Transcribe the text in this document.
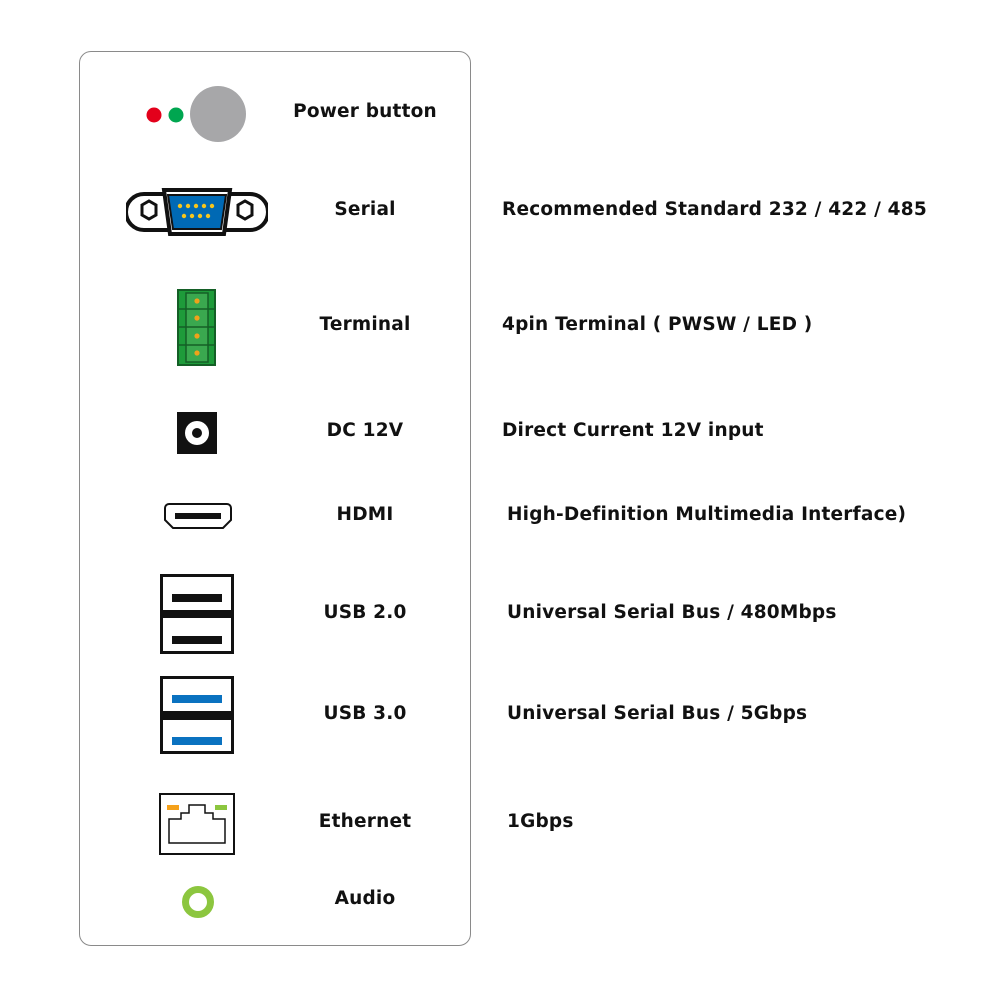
Power button
Serial	Recommended Standard 232 / 422 / 485
Terminal	4pin Terminal ( PWSW / LED )
DC 12V	Direct Current 12V input
HDMI	High-Definition Multimedia Interface)
USB 2.0	Universal Serial Bus / 480Mbps
USB 3.0	Universal Serial Bus / 5Gbps
Ethernet	1Gbps
Audio
